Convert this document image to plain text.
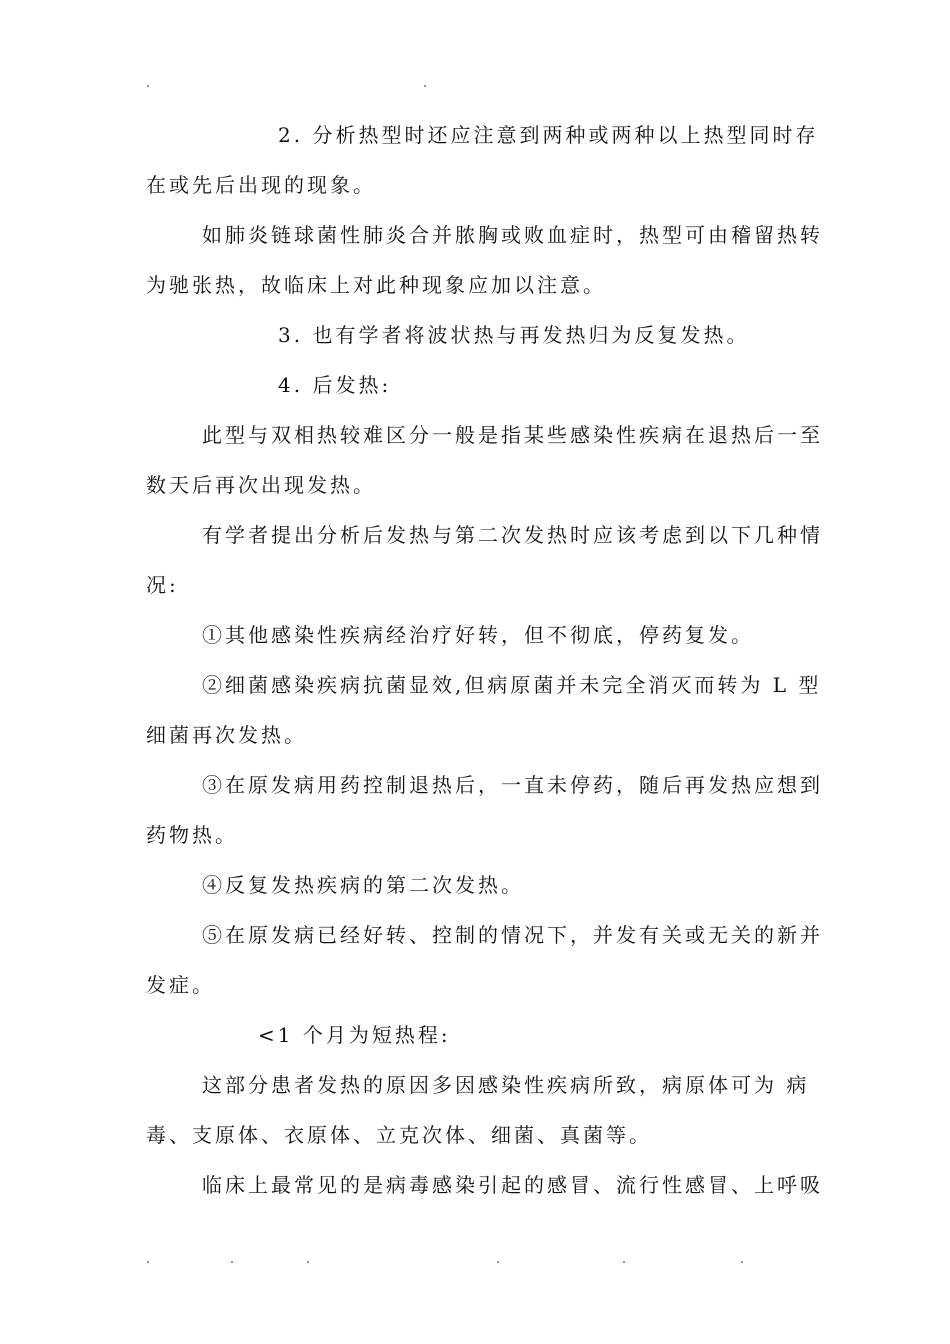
2. 分析热型时还应注意到两种或两种以上热型同时存
在或先后出现的现象。
如肺炎链球菌性肺炎合并脓胸或败血症时，热型可由稽留热转
为驰张热，故临床上对此种现象应加以注意。
3. 也有学者将波状热与再发热归为反复发热。
4. 后发热:
此型与双相热较难区分一般是指某些感染性疾病在退热后一至
数天后再次出现发热。
有学者提出分析后发热与第二次发热时应该考虑到以下几种情
况:
①其他感染性疾病经治疗好转，但不彻底，停药复发。
②细菌感染疾病抗菌显效,但病原菌并未完全消灭而转为 L 型
细菌再次发热。
③在原发病用药控制退热后，一直未停药，随后再发热应想到
药物热。
④反复发热疾病的第二次发热。
⑤在原发病已经好转、控制的情况下，并发有关或无关的新并
发症。
<1 个月为短热程:
这部分患者发热的原因多因感染性疾病所致，病原体可为 病
毒、支原体、衣原体、立克次体、细菌、真菌等。
临床上最常见的是病毒感染引起的感冒、流行性感冒、上呼吸
